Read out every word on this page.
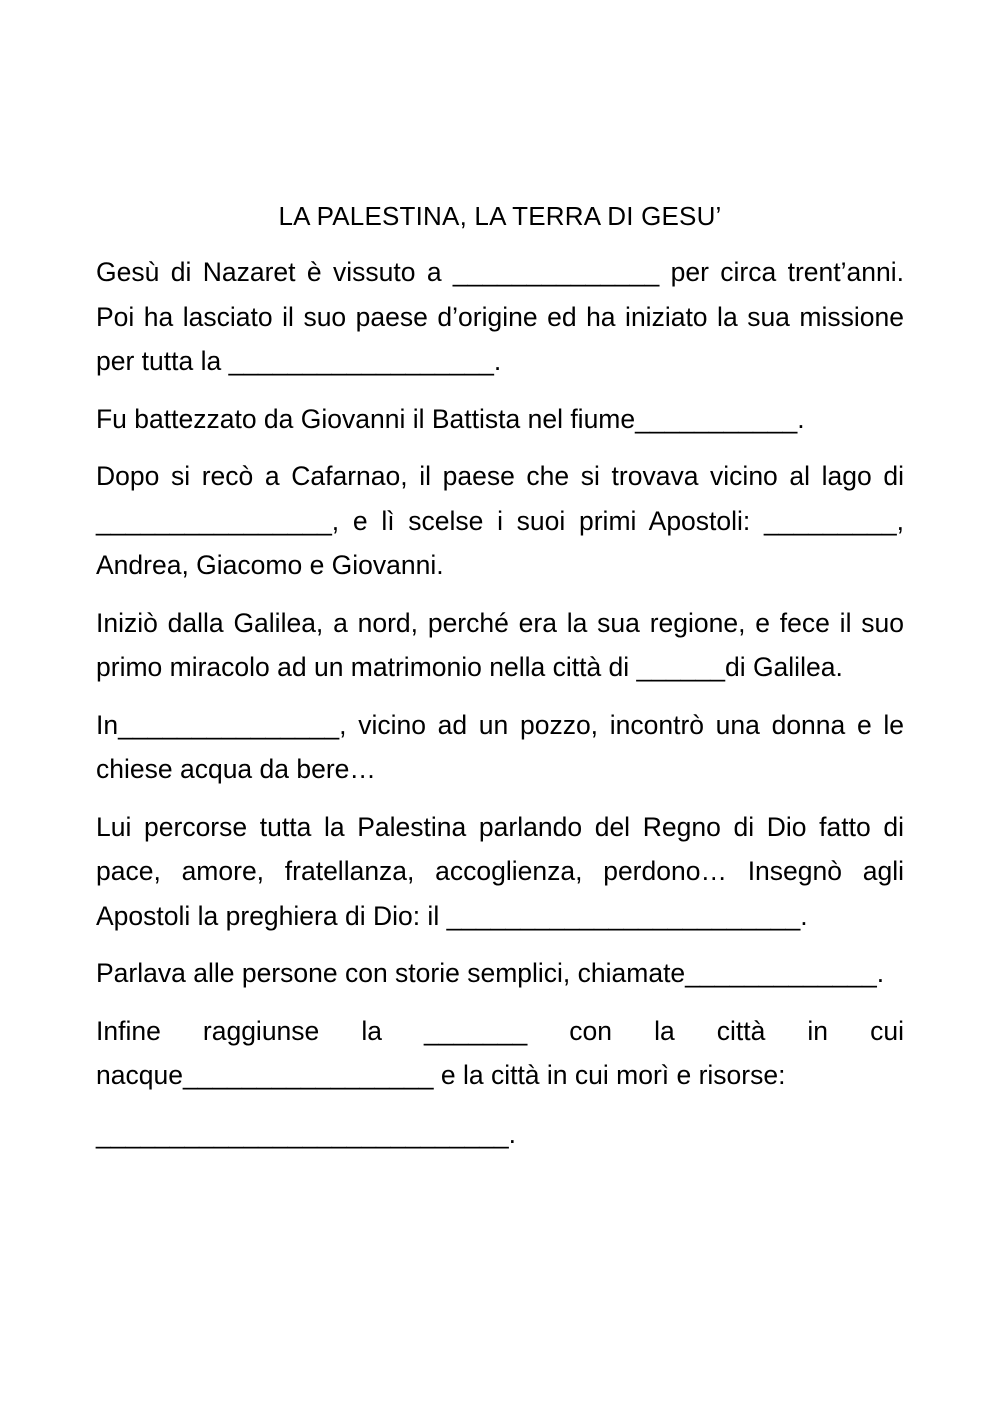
LA PALESTINA, LA TERRA DI GESU’

Gesù di Nazaret è vissuto a ______________ per circa trent’anni. Poi ha lasciato il suo paese d’origine ed ha iniziato la sua missione per tutta la __________________.

Fu battezzato da Giovanni il Battista nel fiume___________.

Dopo si recò a Cafarnao, il paese che si trovava vicino al lago di ________________, e lì scelse i suoi primi Apostoli: _________, Andrea, Giacomo e Giovanni.

Iniziò dalla Galilea, a nord, perché era la sua regione, e fece il suo primo miracolo ad un matrimonio nella città di ______di Galilea.

In_______________, vicino ad un pozzo, incontrò una donna e le chiese acqua da bere…

Lui percorse tutta la Palestina parlando del Regno di Dio fatto di pace, amore, fratellanza, accoglienza, perdono… Insegnò agli Apostoli la preghiera di Dio: il ________________________.

Parlava alle persone con storie semplici, chiamate_____________.

Infine raggiunse la _______ con la città in cui nacque_________________ e la città in cui morì e risorse:

____________________________.
